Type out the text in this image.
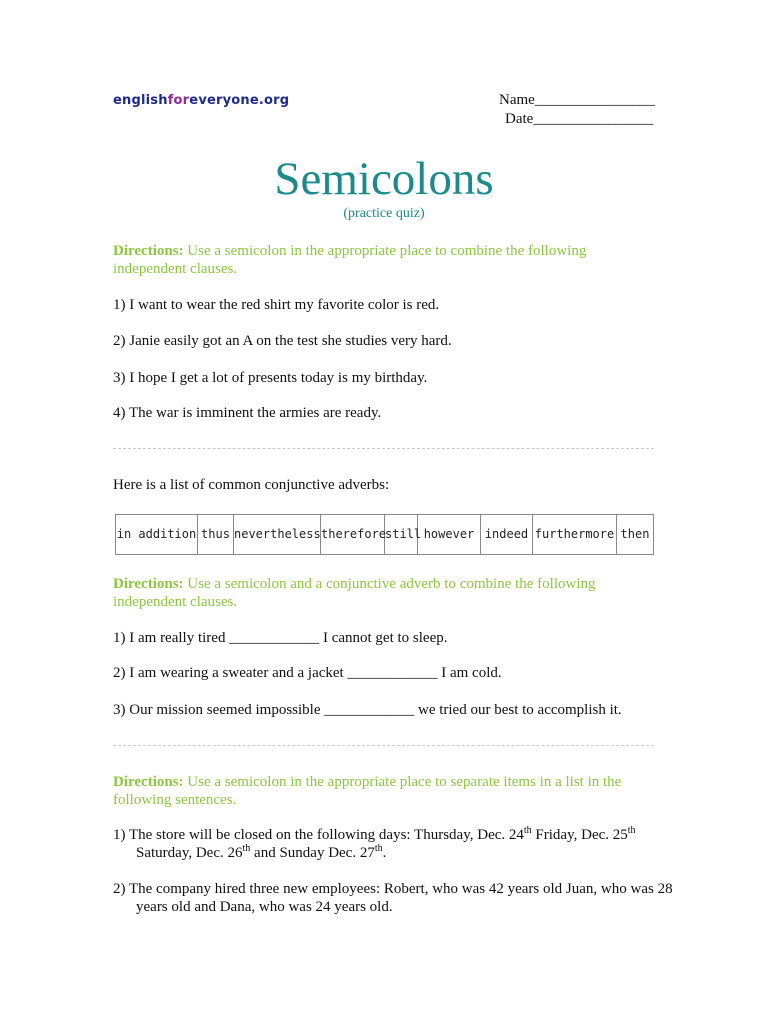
englishforeveryone.org	Name________________
Date________________
Semicolons
(practice quiz)
Directions: Use a semicolon in the appropriate place to combine the following independent clauses.
1) I want to wear the red shirt my favorite color is red.
2) Janie easily got an A on the test she studies very hard.
3) I hope I get a lot of presents today is my birthday.
4) The war is imminent the armies are ready.
Here is a list of common conjunctive adverbs:
in addition thus nevertheless therefore
still however indeed furthermore then
Directions: Use a semicolon and a conjunctive adverb to combine the following independent clauses.
1) I am really tired ____________ I cannot get to sleep.
2) I am wearing a sweater and a jacket ____________ I am cold.
3) Our mission seemed impossible ____________ we tried our best to accomplish it.
Directions: Use a semicolon in the appropriate place to separate items in a list in the following sentences.
1) The store will be closed on the following days: Thursday, Dec. 24th Friday, Dec. 25th Saturday, Dec. 26th and Sunday Dec. 27th.
2) The company hired three new employees: Robert, who was 42 years old Juan, who was 28 years old and Dana, who was 24 years old.
